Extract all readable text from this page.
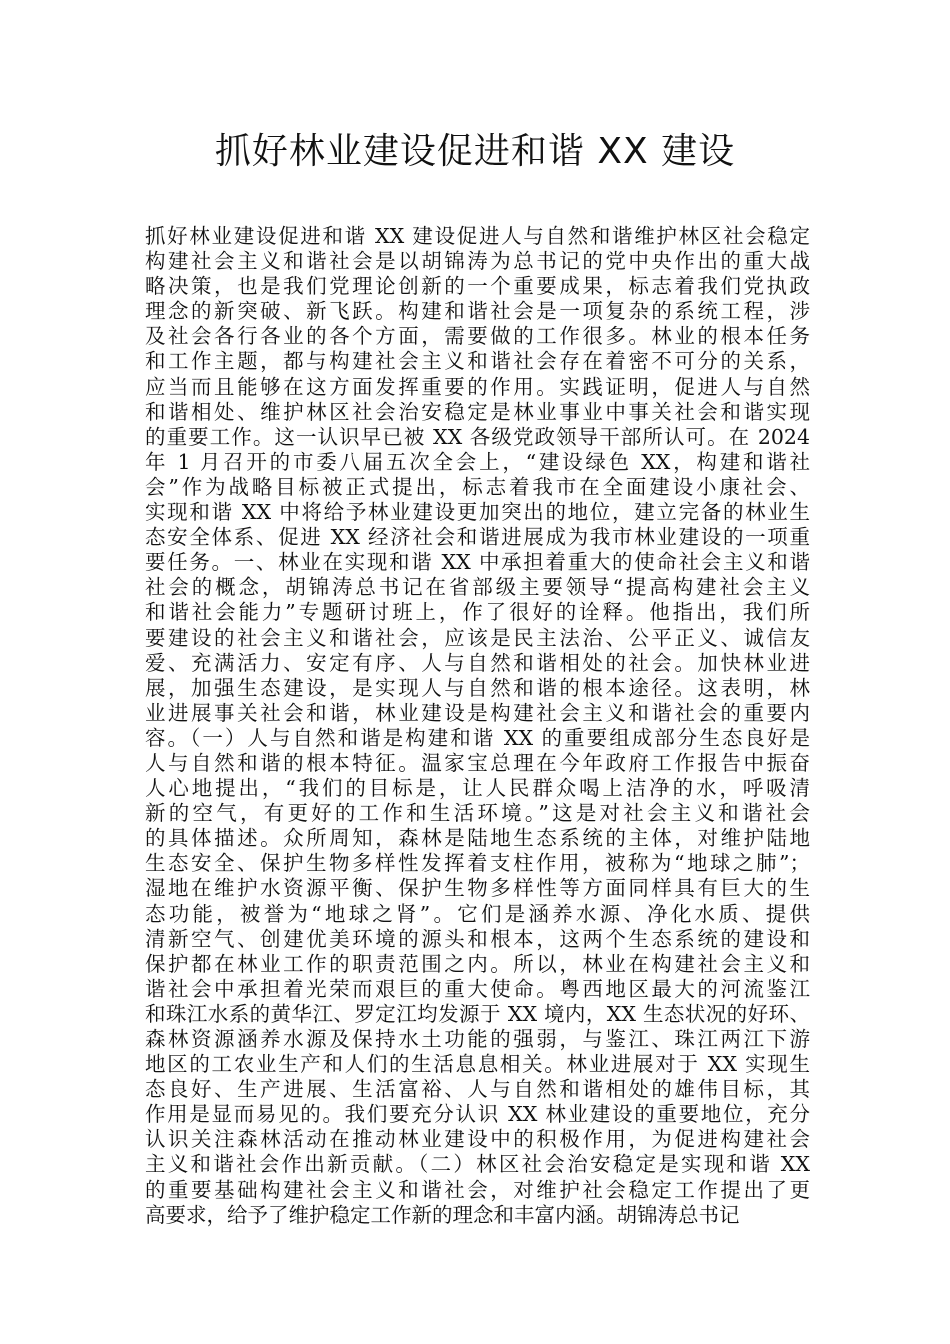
抓好林业建设促进和谐 XX 建设
抓好林业建设促进和谐 XX 建设促进人与自然和谐维护林区社会稳定
构建社会主义和谐社会是以胡锦涛为总书记的党中央作出的重大战
略决策，也是我们党理论创新的一个重要成果，标志着我们党执政
理念的新突破、新飞跃。构建和谐社会是一项复杂的系统工程，涉
及社会各行各业的各个方面，需要做的工作很多。林业的根本任务
和工作主题，都与构建社会主义和谐社会存在着密不可分的关系，
应当而且能够在这方面发挥重要的作用。实践证明，促进人与自然
和谐相处、维护林区社会治安稳定是林业事业中事关社会和谐实现
的重要工作。这一认识早已被 XX 各级党政领导干部所认可。在 2024
年 1 月召开的市委八届五次全会上，“建设绿色 XX，构建和谐社
会”作为战略目标被正式提出，标志着我市在全面建设小康社会、
实现和谐 XX 中将给予林业建设更加突出的地位，建立完备的林业生
态安全体系、促进 XX 经济社会和谐进展成为我市林业建设的一项重
要任务。一、林业在实现和谐 XX 中承担着重大的使命社会主义和谐
社会的概念，胡锦涛总书记在省部级主要领导“提高构建社会主义
和谐社会能力”专题研讨班上，作了很好的诠释。他指出，我们所
要建设的社会主义和谐社会，应该是民主法治、公平正义、诚信友
爱、充满活力、安定有序、人与自然和谐相处的社会。加快林业进
展，加强生态建设，是实现人与自然和谐的根本途径。这表明，林
业进展事关社会和谐，林业建设是构建社会主义和谐社会的重要内
容。（一）人与自然和谐是构建和谐 XX 的重要组成部分生态良好是
人与自然和谐的根本特征。温家宝总理在今年政府工作报告中振奋
人心地提出，“我们的目标是，让人民群众喝上洁净的水，呼吸清
新的空气，有更好的工作和生活环境。”这是对社会主义和谐社会
的具体描述。众所周知，森林是陆地生态系统的主体，对维护陆地
生态安全、保护生物多样性发挥着支柱作用，被称为“地球之肺”；
湿地在维护水资源平衡、保护生物多样性等方面同样具有巨大的生
态功能，被誉为“地球之肾”。它们是涵养水源、净化水质、提供
清新空气、创建优美环境的源头和根本，这两个生态系统的建设和
保护都在林业工作的职责范围之内。所以，林业在构建社会主义和
谐社会中承担着光荣而艰巨的重大使命。粤西地区最大的河流鉴江
和珠江水系的黄华江、罗定江均发源于 XX 境内，XX 生态状况的好环、
森林资源涵养水源及保持水土功能的强弱，与鉴江、珠江两江下游
地区的工农业生产和人们的生活息息相关。林业进展对于 XX 实现生
态良好、生产进展、生活富裕、人与自然和谐相处的雄伟目标，其
作用是显而易见的。我们要充分认识 XX 林业建设的重要地位，充分
认识关注森林活动在推动林业建设中的积极作用，为促进构建社会
主义和谐社会作出新贡献。（二）林区社会治安稳定是实现和谐 XX
的重要基础构建社会主义和谐社会，对维护社会稳定工作提出了更
高要求，给予了维护稳定工作新的理念和丰富内涵。胡锦涛总书记
